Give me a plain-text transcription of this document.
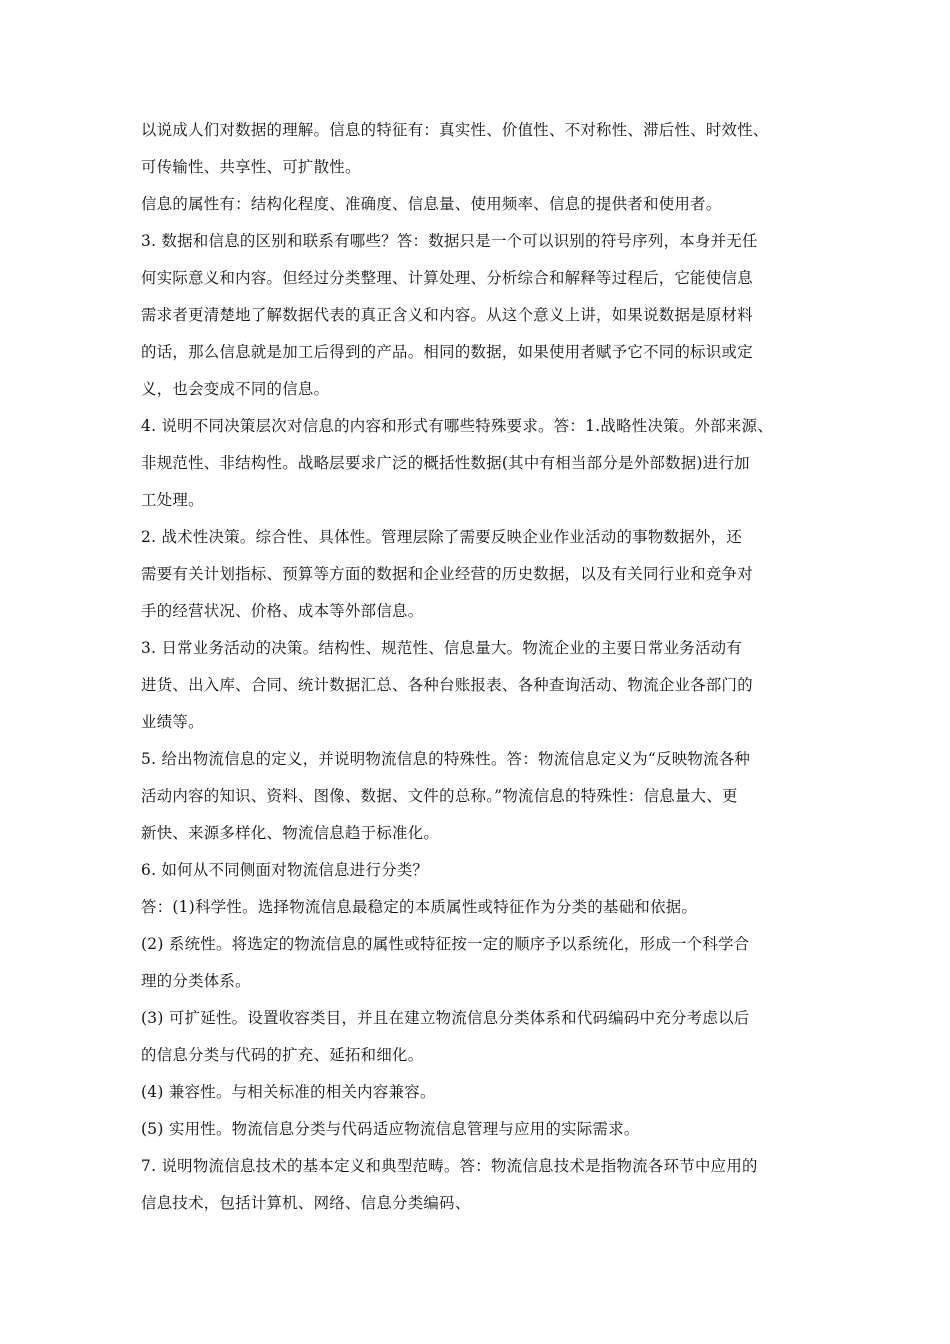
以说成人们对数据的理解。信息的特征有：真实性、价值性、不对称性、滞后性、时效性、
可传输性、共享性、可扩散性。
信息的属性有：结构化程度、准确度、信息量、使用频率、信息的提供者和使用者。
3. 数据和信息的区别和联系有哪些？答：数据只是一个可以识别的符号序列，本身并无任
何实际意义和内容。但经过分类整理、计算处理、分析综合和解释等过程后，它能使信息
需求者更清楚地了解数据代表的真正含义和内容。从这个意义上讲，如果说数据是原材料
的话，那么信息就是加工后得到的产品。相同的数据，如果使用者赋予它不同的标识或定
义，也会变成不同的信息。
4. 说明不同决策层次对信息的内容和形式有哪些特殊要求。答：1.战略性决策。外部来源、
非规范性、非结构性。战略层要求广泛的概括性数据(其中有相当部分是外部数据)进行加
工处理。
2. 战术性决策。综合性、具体性。管理层除了需要反映企业作业活动的事物数据外，还
需要有关计划指标、预算等方面的数据和企业经营的历史数据，以及有关同行业和竞争对
手的经营状况、价格、成本等外部信息。
3. 日常业务活动的决策。结构性、规范性、信息量大。物流企业的主要日常业务活动有
进货、出入库、合同、统计数据汇总、各种台账报表、各种查询活动、物流企业各部门的
业绩等。
5. 给出物流信息的定义，并说明物流信息的特殊性。答：物流信息定义为“反映物流各种
活动内容的知识、资料、图像、数据、文件的总称。”物流信息的特殊性：信息量大、更
新快、来源多样化、物流信息趋于标准化。
6. 如何从不同侧面对物流信息进行分类？
答：(1)科学性。选择物流信息最稳定的本质属性或特征作为分类的基础和依据。
(2) 系统性。将选定的物流信息的属性或特征按一定的顺序予以系统化，形成一个科学合
理的分类体系。
(3) 可扩延性。设置收容类目，并且在建立物流信息分类体系和代码编码中充分考虑以后
的信息分类与代码的扩充、延拓和细化。
(4) 兼容性。与相关标准的相关内容兼容。
(5) 实用性。物流信息分类与代码适应物流信息管理与应用的实际需求。
7. 说明物流信息技术的基本定义和典型范畴。答：物流信息技术是指物流各环节中应用的
信息技术，包括计算机、网络、信息分类编码、
